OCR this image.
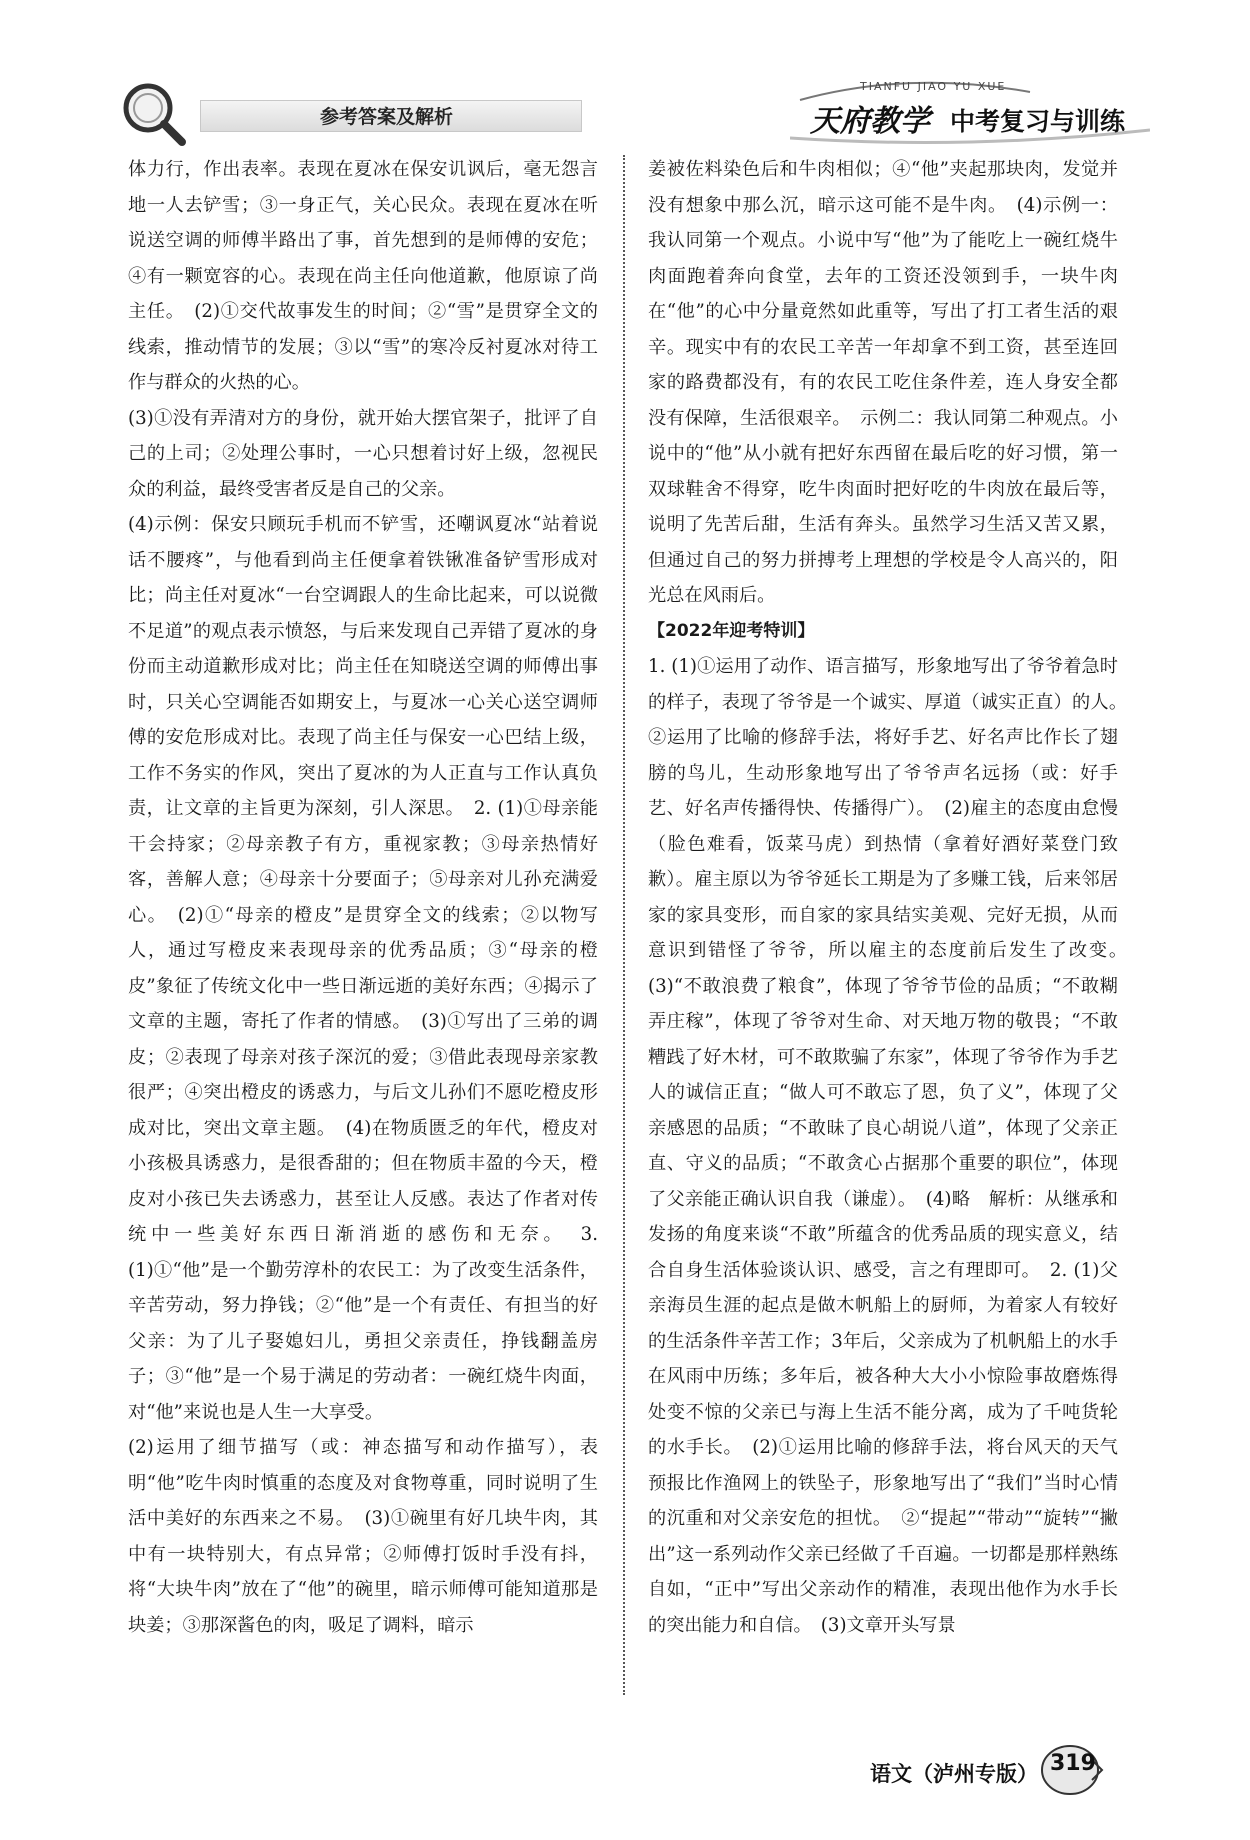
参考答案及解析
TIANFU JIAO YU XUE
天府教学 中考复习与训练

体力行，作出表率。表现在夏冰在保安讥讽后，毫无怨言地一人去铲雪；③一身正气，关心民众。表现在夏冰在听说送空调的师傅半路出了事，首先想到的是师傅的安危；④有一颗宽容的心。表现在尚主任向他道歉，他原谅了尚主任。　(2)①交代故事发生的时间；②“雪”是贯穿全文的线索，推动情节的发展；③以“雪”的寒冷反衬夏冰对待工作与群众的火热的心。

(3)①没有弄清对方的身份，就开始大摆官架子，批评了自己的上司；②处理公事时，一心只想着讨好上级，忽视民众的利益，最终受害者反是自己的父亲。

(4)示例：保安只顾玩手机而不铲雪，还嘲讽夏冰“站着说话不腰疼”，与他看到尚主任便拿着铁锹准备铲雪形成对比；尚主任对夏冰“一台空调跟人的生命比起来，可以说微不足道”的观点表示愤怒，与后来发现自己弄错了夏冰的身份而主动道歉形成对比；尚主任在知晓送空调的师傅出事时，只关心空调能否如期安上，与夏冰一心关心送空调师傅的安危形成对比。表现了尚主任与保安一心巴结上级，工作不务实的作风，突出了夏冰的为人正直与工作认真负责，让文章的主旨更为深刻，引人深思。　2. (1)①母亲能干会持家；②母亲教子有方，重视家教；③母亲热情好客，善解人意；④母亲十分要面子；⑤母亲对儿孙充满爱心。　(2)①“母亲的橙皮”是贯穿全文的线索；②以物写人，通过写橙皮来表现母亲的优秀品质；③“母亲的橙皮”象征了传统文化中一些日渐远逝的美好东西；④揭示了文章的主题，寄托了作者的情感。　(3)①写出了三弟的调皮；②表现了母亲对孩子深沉的爱；③借此表现母亲家教很严；④突出橙皮的诱惑力，与后文儿孙们不愿吃橙皮形成对比，突出文章主题。　(4)在物质匮乏的年代，橙皮对小孩极具诱惑力，是很香甜的；但在物质丰盈的今天，橙皮对小孩已失去诱惑力，甚至让人反感。表达了作者对传统中一些美好东西日渐消逝的感伤和无奈。　3. (1)①“他”是一个勤劳淳朴的农民工：为了改变生活条件，辛苦劳动，努力挣钱；②“他”是一个有责任、有担当的好父亲：为了儿子娶媳妇儿，勇担父亲责任，挣钱翻盖房子；③“他”是一个易于满足的劳动者：一碗红烧牛肉面，对“他”来说也是人生一大享受。

(2)运用了细节描写（或：神态描写和动作描写），表明“他”吃牛肉时慎重的态度及对食物尊重，同时说明了生活中美好的东西来之不易。　(3)①碗里有好几块牛肉，其中有一块特别大，有点异常；②师傅打饭时手没有抖，将“大块牛肉”放在了“他”的碗里，暗示师傅可能知道那是块姜；③那深酱色的肉，吸足了调料，暗示

姜被佐料染色后和牛肉相似；④“他”夹起那块肉，发觉并没有想象中那么沉，暗示这可能不是牛肉。　(4)示例一：我认同第一个观点。小说中写“他”为了能吃上一碗红烧牛肉面跑着奔向食堂，去年的工资还没领到手，一块牛肉在“他”的心中分量竟然如此重等，写出了打工者生活的艰辛。现实中有的农民工辛苦一年却拿不到工资，甚至连回家的路费都没有，有的农民工吃住条件差，连人身安全都没有保障，生活很艰辛。　示例二：我认同第二种观点。小说中的“他”从小就有把好东西留在最后吃的好习惯，第一双球鞋舍不得穿，吃牛肉面时把好吃的牛肉放在最后等，说明了先苦后甜，生活有奔头。虽然学习生活又苦又累，但通过自己的努力拼搏考上理想的学校是令人高兴的，阳光总在风雨后。

【2022年迎考特训】

1. (1)①运用了动作、语言描写，形象地写出了爷爷着急时的样子，表现了爷爷是一个诚实、厚道（诚实正直）的人。　②运用了比喻的修辞手法，将好手艺、好名声比作长了翅膀的鸟儿，生动形象地写出了爷爷声名远扬（或：好手艺、好名声传播得快、传播得广）。　(2)雇主的态度由怠慢（脸色难看，饭菜马虎）到热情（拿着好酒好菜登门致歉）。雇主原以为爷爷延长工期是为了多赚工钱，后来邻居家的家具变形，而自家的家具结实美观、完好无损，从而意识到错怪了爷爷，所以雇主的态度前后发生了改变。　(3)“不敢浪费了粮食”，体现了爷爷节俭的品质；“不敢糊弄庄稼”，体现了爷爷对生命、对天地万物的敬畏；“不敢糟践了好木材，可不敢欺骗了东家”，体现了爷爷作为手艺人的诚信正直；“做人可不敢忘了恩，负了义”，体现了父亲感恩的品质；“不敢昧了良心胡说八道”，体现了父亲正直、守义的品质；“不敢贪心占据那个重要的职位”，体现了父亲能正确认识自我（谦虚）。　(4)略　解析：从继承和发扬的角度来谈“不敢”所蕴含的优秀品质的现实意义，结合自身生活体验谈认识、感受，言之有理即可。　2. (1)父亲海员生涯的起点是做木帆船上的厨师，为着家人有较好的生活条件辛苦工作；3年后，父亲成为了机帆船上的水手在风雨中历练；多年后，被各种大大小小惊险事故磨炼得处变不惊的父亲已与海上生活不能分离，成为了千吨货轮的水手长。　(2)①运用比喻的修辞手法，将台风天的天气预报比作渔网上的铁坠子，形象地写出了“我们”当时心情的沉重和对父亲安危的担忧。　②“提起”“带动”“旋转”“撇出”这一系列动作父亲已经做了千百遍。一切都是那样熟练自如，“正中”写出父亲动作的精准，表现出他作为水手长的突出能力和自信。　(3)文章开头写景

语文（泸州专版） 319
